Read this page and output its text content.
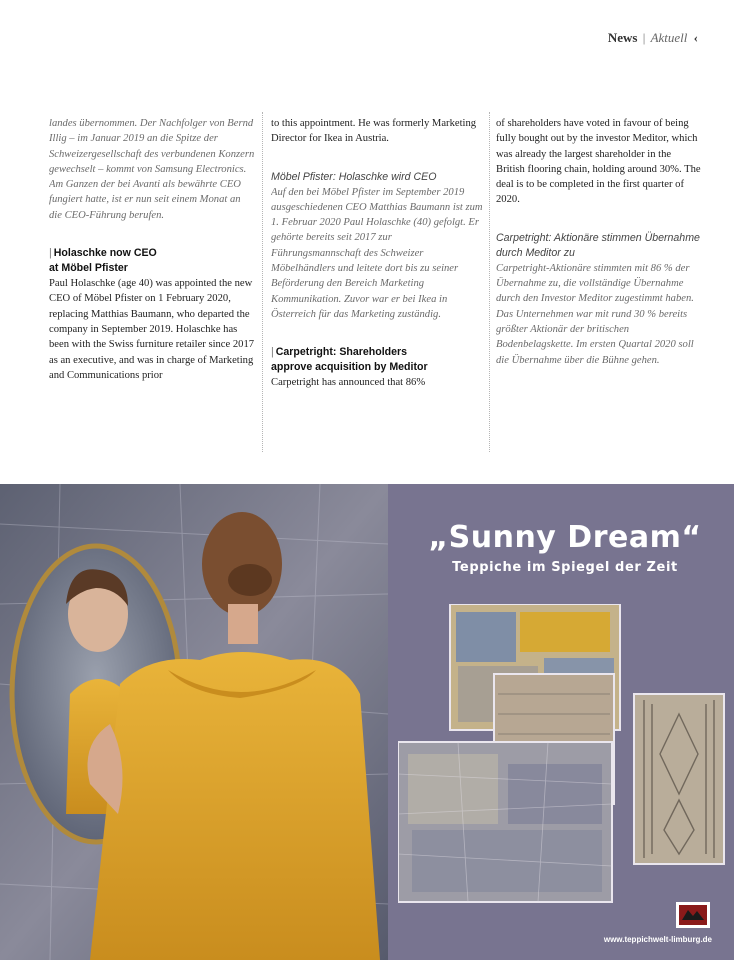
News | Aktuell ‹

landes übernommen. Der Nachfolger von Bernd Illig – im Januar 2019 an die Spitze der Schweizergesellschaft des verbundenen Konzern gewechselt – kommt von Samsung Electronics. Am Ganzen der bei Avanti als bewährte CEO fungiert hatte, ist er nun seit einem Monat an die CEO-Führung berufen.

| Holaschke now CEO
at Möbel Pfister

Paul Holaschke (age 40) was appointed the new CEO of Möbel Pfister on 1 February 2020, replacing Matthias Baumann, who departed the company in September 2019. Holaschke has been with the Swiss furniture retailer since 2017 as an executive, and was in charge of Marketing and Communications prior

to this appointment. He was formerly Marketing Director for Ikea in Austria.

Möbel Pfister: Holaschke wird CEO

Auf den bei Möbel Pfister im September 2019 ausgeschiedenen CEO Matthias Baumann ist zum 1. Februar 2020 Paul Holaschke (40) gefolgt. Er gehörte bereits seit 2017 zur Führungsmannschaft des Schweizer Möbelhändlers und leitete dort bis zu seiner Beförderung den Bereich Marketing Kommunikation. Zuvor war er bei Ikea in Österreich für das Marketing zuständig.

| Carpetright: Shareholders
approve acquisition by Meditor

Carpetright has announced that 86%

of shareholders have voted in favour of being fully bought out by the investor Meditor, which was already the largest shareholder in the British flooring chain, holding around 30%. The deal is to be completed in the first quarter of 2020.

Carpetright: Aktionäre stimmen Übernahme durch Meditor zu

Carpetright-Aktionäre stimmten mit 86 % der Übernahme zu, die vollständige Übernahme durch den Investor Meditor zugestimmt haben. Das Unternehmen war mit rund 30 % bereits größter Aktionär der britischen Bodenbelagskette. Im ersten Quartal 2020 soll die Übernahme über die Bühne gehen.

„Sunny Dream“
Teppiche im Spiegel der Zeit
www.teppichwelt-limburg.de
